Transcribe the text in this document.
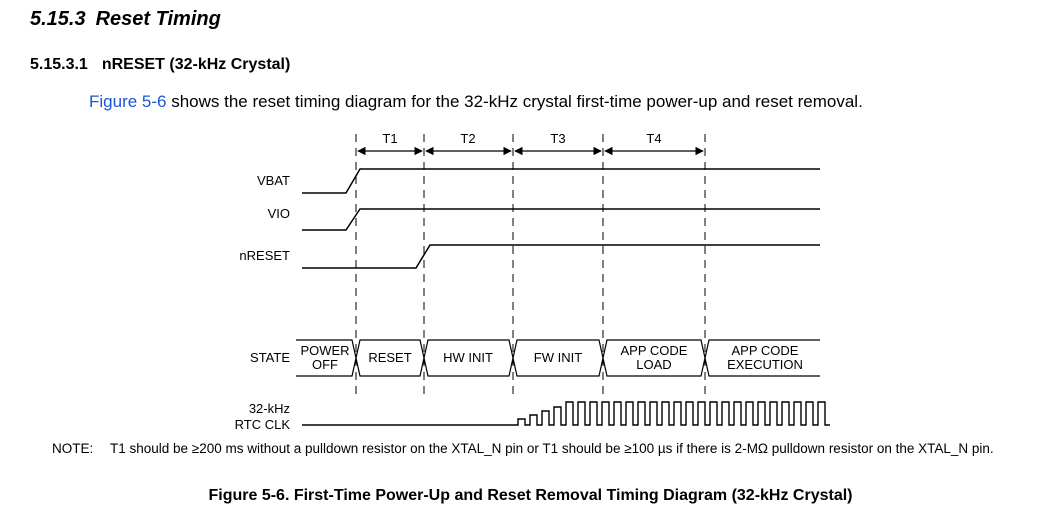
5.15.3 Reset Timing
5.15.3.1 nRESET (32-kHz Crystal)
Figure 5-6 shows the reset timing diagram for the 32-kHz crystal first-time power-up and reset removal.
T1	T2	T3	T4
VBAT
VIO
nRESET
STATE POWER
OFF RESET HW INIT	FW INIT	APP CODE
LOAD
APP CODE
EXECUTION
32-kHz
RTC CLK
NOTE: T1 should be ≥200 ms without a pulldown resistor on the XTAL_N pin or T1 should be ≥100 µs if there is 2-MΩ pulldown resistor on the XTAL_N pin.
Figure 5-6. First-Time Power-Up and Reset Removal Timing Diagram (32-kHz Crystal)
